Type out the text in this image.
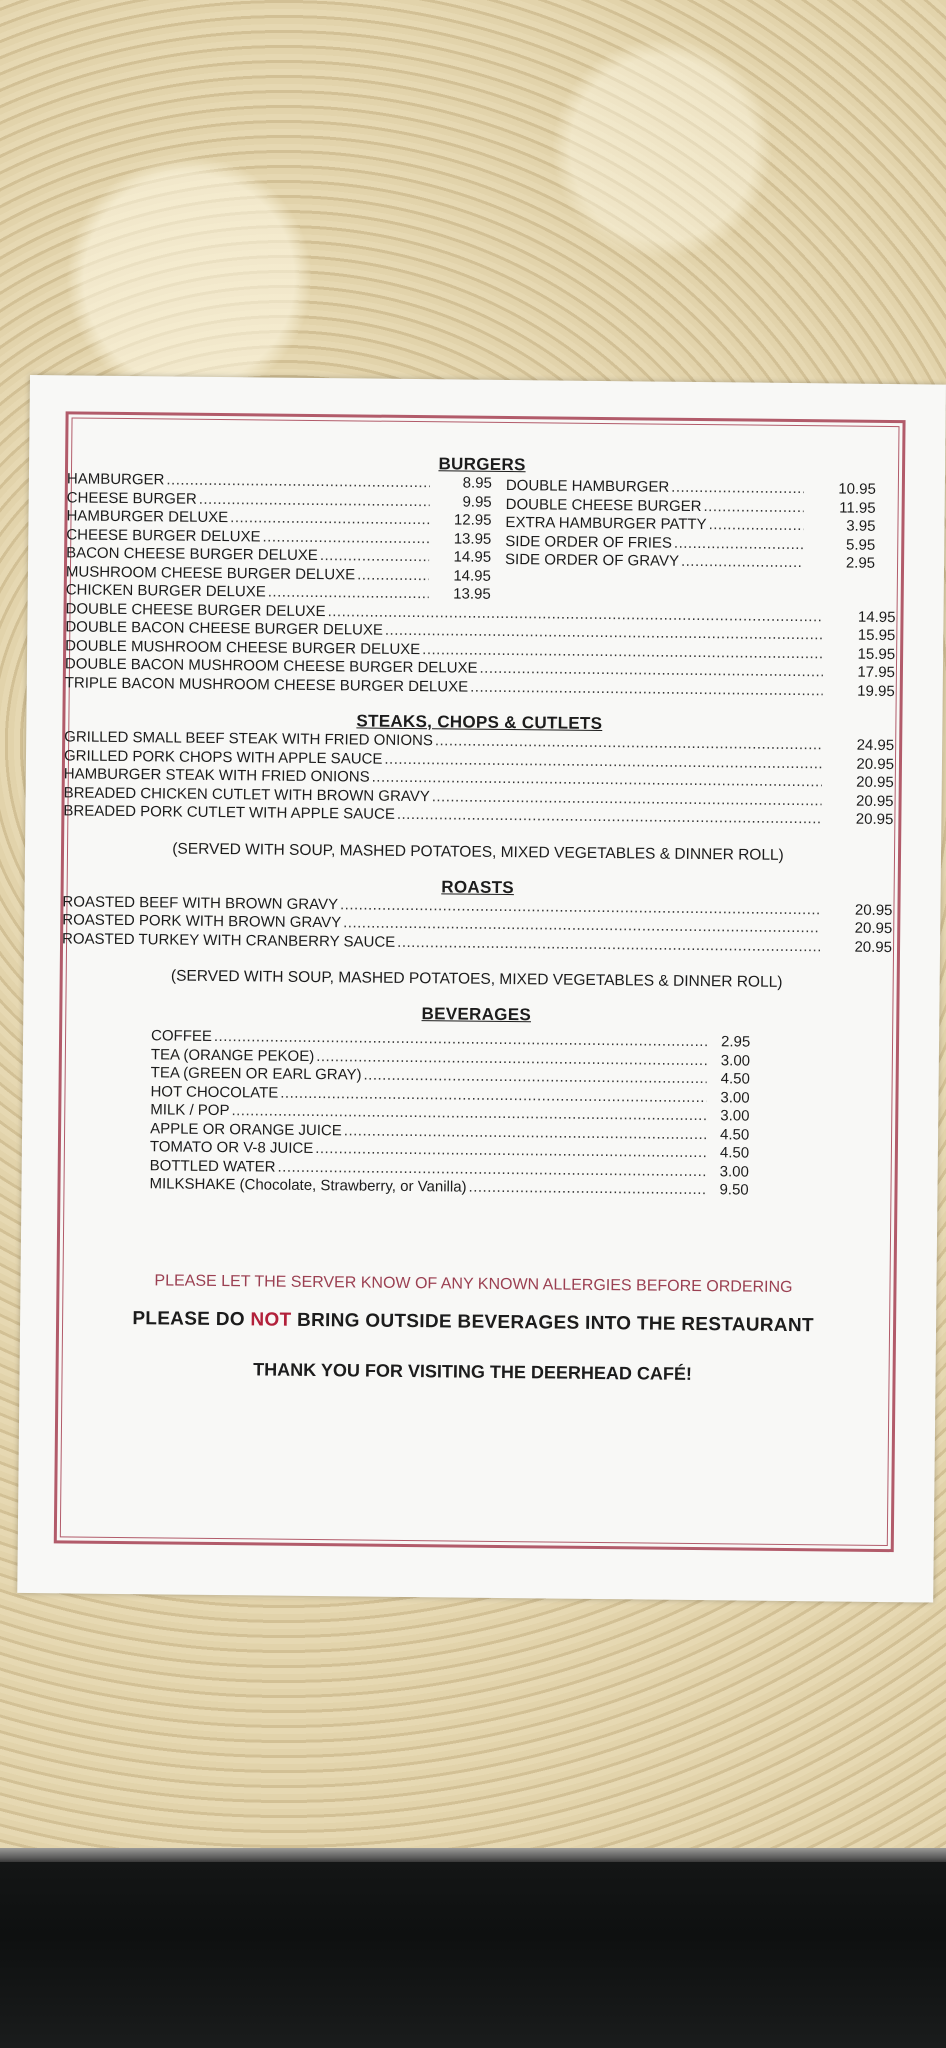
BURGERS
HAMBURGER .....	8.95
CHEESE BURGER .....	9.95
HAMBURGER DELUXE .....	12.95
CHEESE BURGER DELUXE .....	13.95
BACON CHEESE BURGER DELUXE .....	14.95
MUSHROOM CHEESE BURGER DELUXE .....	14.95
CHICKEN BURGER DELUXE .....	13.95
DOUBLE HAMBURGER .....	10.95
DOUBLE CHEESE BURGER .....	11.95
EXTRA HAMBURGER PATTY .....	3.95
SIDE ORDER OF FRIES .....	5.95
SIDE ORDER OF GRAVY .....	2.95
DOUBLE CHEESE BURGER DELUXE .....	14.95
DOUBLE BACON CHEESE BURGER DELUXE .....	15.95
DOUBLE MUSHROOM CHEESE BURGER DELUXE .....	15.95
DOUBLE BACON MUSHROOM CHEESE BURGER DELUXE .....	17.95
TRIPLE BACON MUSHROOM CHEESE BURGER DELUXE .....	19.95
STEAKS, CHOPS & CUTLETS
GRILLED SMALL BEEF STEAK WITH FRIED ONIONS .....	24.95
GRILLED PORK CHOPS WITH APPLE SAUCE .....	20.95
HAMBURGER STEAK WITH FRIED ONIONS .....	20.95
BREADED CHICKEN CUTLET WITH BROWN GRAVY .....	20.95
BREADED PORK CUTLET WITH APPLE SAUCE .....	20.95
(SERVED WITH SOUP, MASHED POTATOES, MIXED VEGETABLES & DINNER ROLL)
ROASTS
ROASTED BEEF WITH BROWN GRAVY .....	20.95
ROASTED PORK WITH BROWN GRAVY .....	20.95
ROASTED TURKEY WITH CRANBERRY SAUCE .....	20.95
(SERVED WITH SOUP, MASHED POTATOES, MIXED VEGETABLES & DINNER ROLL)
BEVERAGES
COFFEE .....	2.95
TEA (ORANGE PEKOE) .....	3.00
TEA (GREEN OR EARL GRAY) .....	4.50
HOT CHOCOLATE .....	3.00
MILK / POP .....	3.00
APPLE OR ORANGE JUICE .....	4.50
TOMATO OR V-8 JUICE .....	4.50
BOTTLED WATER .....	3.00
MILKSHAKE (Chocolate, Strawberry, or Vanilla) .....	9.50
PLEASE LET THE SERVER KNOW OF ANY KNOWN ALLERGIES BEFORE ORDERING
PLEASE DO NOT BRING OUTSIDE BEVERAGES INTO THE RESTAURANT
THANK YOU FOR VISITING THE DEERHEAD CAFÉ!
